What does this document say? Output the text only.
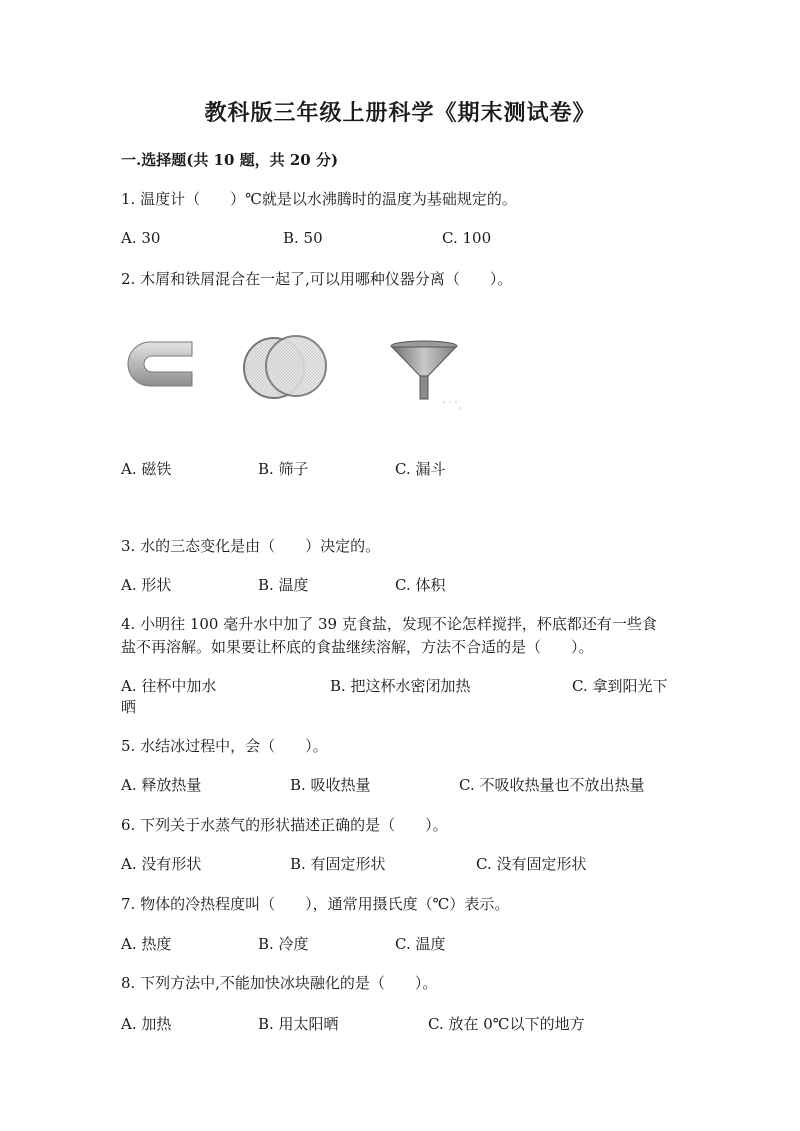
教科版三年级上册科学《期末测试卷》
一.选择题(共 10 题，共 20 分)
1. 温度计（　　）℃就是以水沸腾时的温度为基础规定的。
A. 30	B. 50	C. 100
2. 木屑和铁屑混合在一起了,可以用哪种仪器分离（　　）。
A. 磁铁	B. 筛子	C. 漏斗
3. 水的三态变化是由（　　）决定的。
A. 形状	B. 温度	C. 体积
4. 小明往 100 毫升水中加了 39 克食盐，发现不论怎样搅拌，杯底都还有一些食
盐不再溶解。如果要让杯底的食盐继续溶解，方法不合适的是（　　）。
A. 往杯中加水	B. 把这杯水密闭加热	C. 拿到阳光下
晒
5. 水结冰过程中，会（　　）。
A. 释放热量	B. 吸收热量	C. 不吸收热量也不放出热量
6. 下列关于水蒸气的形状描述正确的是（　　）。
A. 没有形状	B. 有固定形状	C. 没有固定形状
7. 物体的冷热程度叫（　　），通常用摄氏度（℃）表示。
A. 热度	B. 冷度	C. 温度
8. 下列方法中,不能加快冰块融化的是（　　）。
A. 加热	B. 用太阳晒	C. 放在 0℃以下的地方
